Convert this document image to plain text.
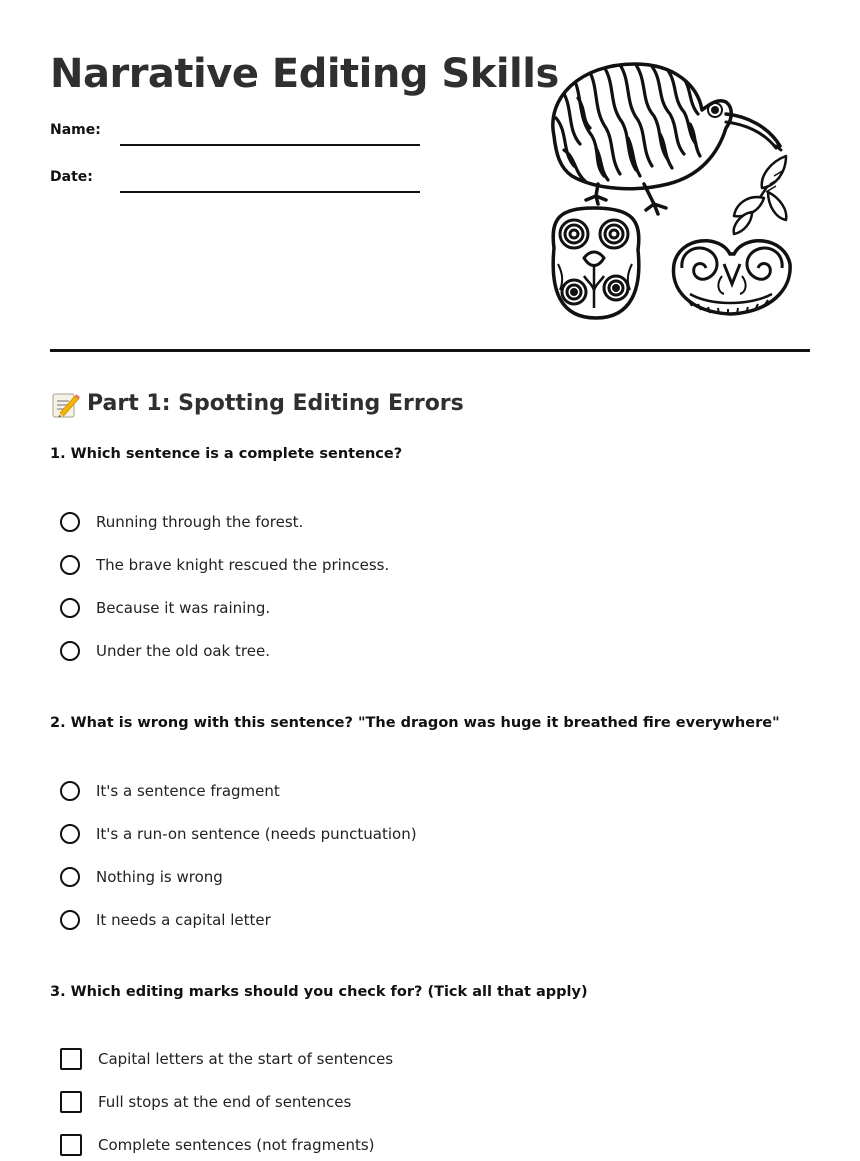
Narrative Editing Skills
Name:
Date:
Part 1: Spotting Editing Errors
1. Which sentence is a complete sentence?
Running through the forest.
The brave knight rescued the princess.
Because it was raining.
Under the old oak tree.
2. What is wrong with this sentence? "The dragon was huge it breathed fire everywhere"
It's a sentence fragment
It's a run-on sentence (needs punctuation)
Nothing is wrong
It needs a capital letter
3. Which editing marks should you check for? (Tick all that apply)
Capital letters at the start of sentences
Full stops at the end of sentences
Complete sentences (not fragments)
